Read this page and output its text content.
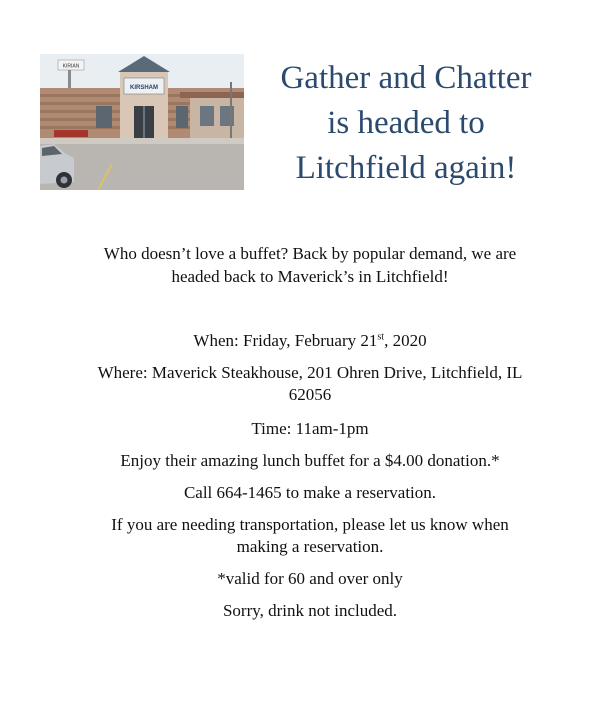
KIRIAN
KIRSHAM	Gather and Chatter
is headed to
Litchfield again!
Who doesn’t love a buffet? Back by popular demand, we are
headed back to Maverick’s in Litchfield!

When: Friday, February 21st, 2020

Where: Maverick Steakhouse, 201 Ohren Drive, Litchfield, IL
62056

Time: 11am-1pm

Enjoy their amazing lunch buffet for a $4.00 donation.*

Call 664-1465 to make a reservation.

If you are needing transportation, please let us know when
making a reservation.

*valid for 60 and over only

Sorry, drink not included.
